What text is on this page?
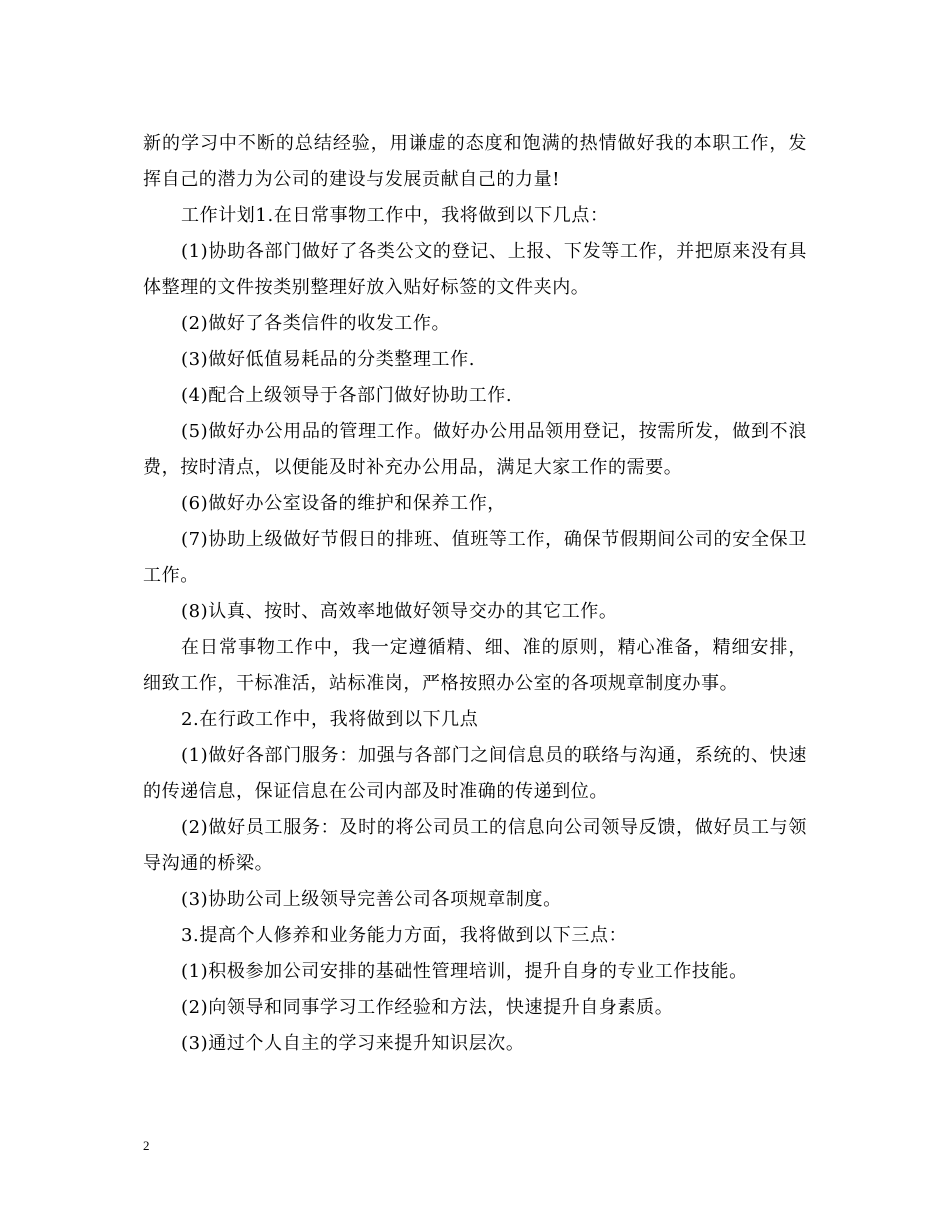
新的学习中不断的总结经验，用谦虚的态度和饱满的热情做好我的本职工作，发挥自己的潜力为公司的建设与发展贡献自己的力量!

工作计划1.在日常事物工作中，我将做到以下几点：

(1)协助各部门做好了各类公文的登记、上报、下发等工作，并把原来没有具体整理的文件按类别整理好放入贴好标签的文件夹内。

(2)做好了各类信件的收发工作。

(3)做好低值易耗品的分类整理工作.

(4)配合上级领导于各部门做好协助工作.

(5)做好办公用品的管理工作。做好办公用品领用登记，按需所发，做到不浪费，按时清点，以便能及时补充办公用品，满足大家工作的需要。

(6)做好办公室设备的维护和保养工作，

(7)协助上级做好节假日的排班、值班等工作，确保节假期间公司的安全保卫工作。

(8)认真、按时、高效率地做好领导交办的其它工作。

在日常事物工作中，我一定遵循精、细、准的原则，精心准备，精细安排，细致工作，干标准活，站标准岗，严格按照办公室的各项规章制度办事。

2.在行政工作中，我将做到以下几点

(1)做好各部门服务：加强与各部门之间信息员的联络与沟通，系统的、快速的传递信息，保证信息在公司内部及时准确的传递到位。

(2)做好员工服务：及时的将公司员工的信息向公司领导反馈，做好员工与领导沟通的桥梁。

(3)协助公司上级领导完善公司各项规章制度。

3.提高个人修养和业务能力方面，我将做到以下三点：

(1)积极参加公司安排的基础性管理培训，提升自身的专业工作技能。

(2)向领导和同事学习工作经验和方法，快速提升自身素质。

(3)通过个人自主的学习来提升知识层次。

2
